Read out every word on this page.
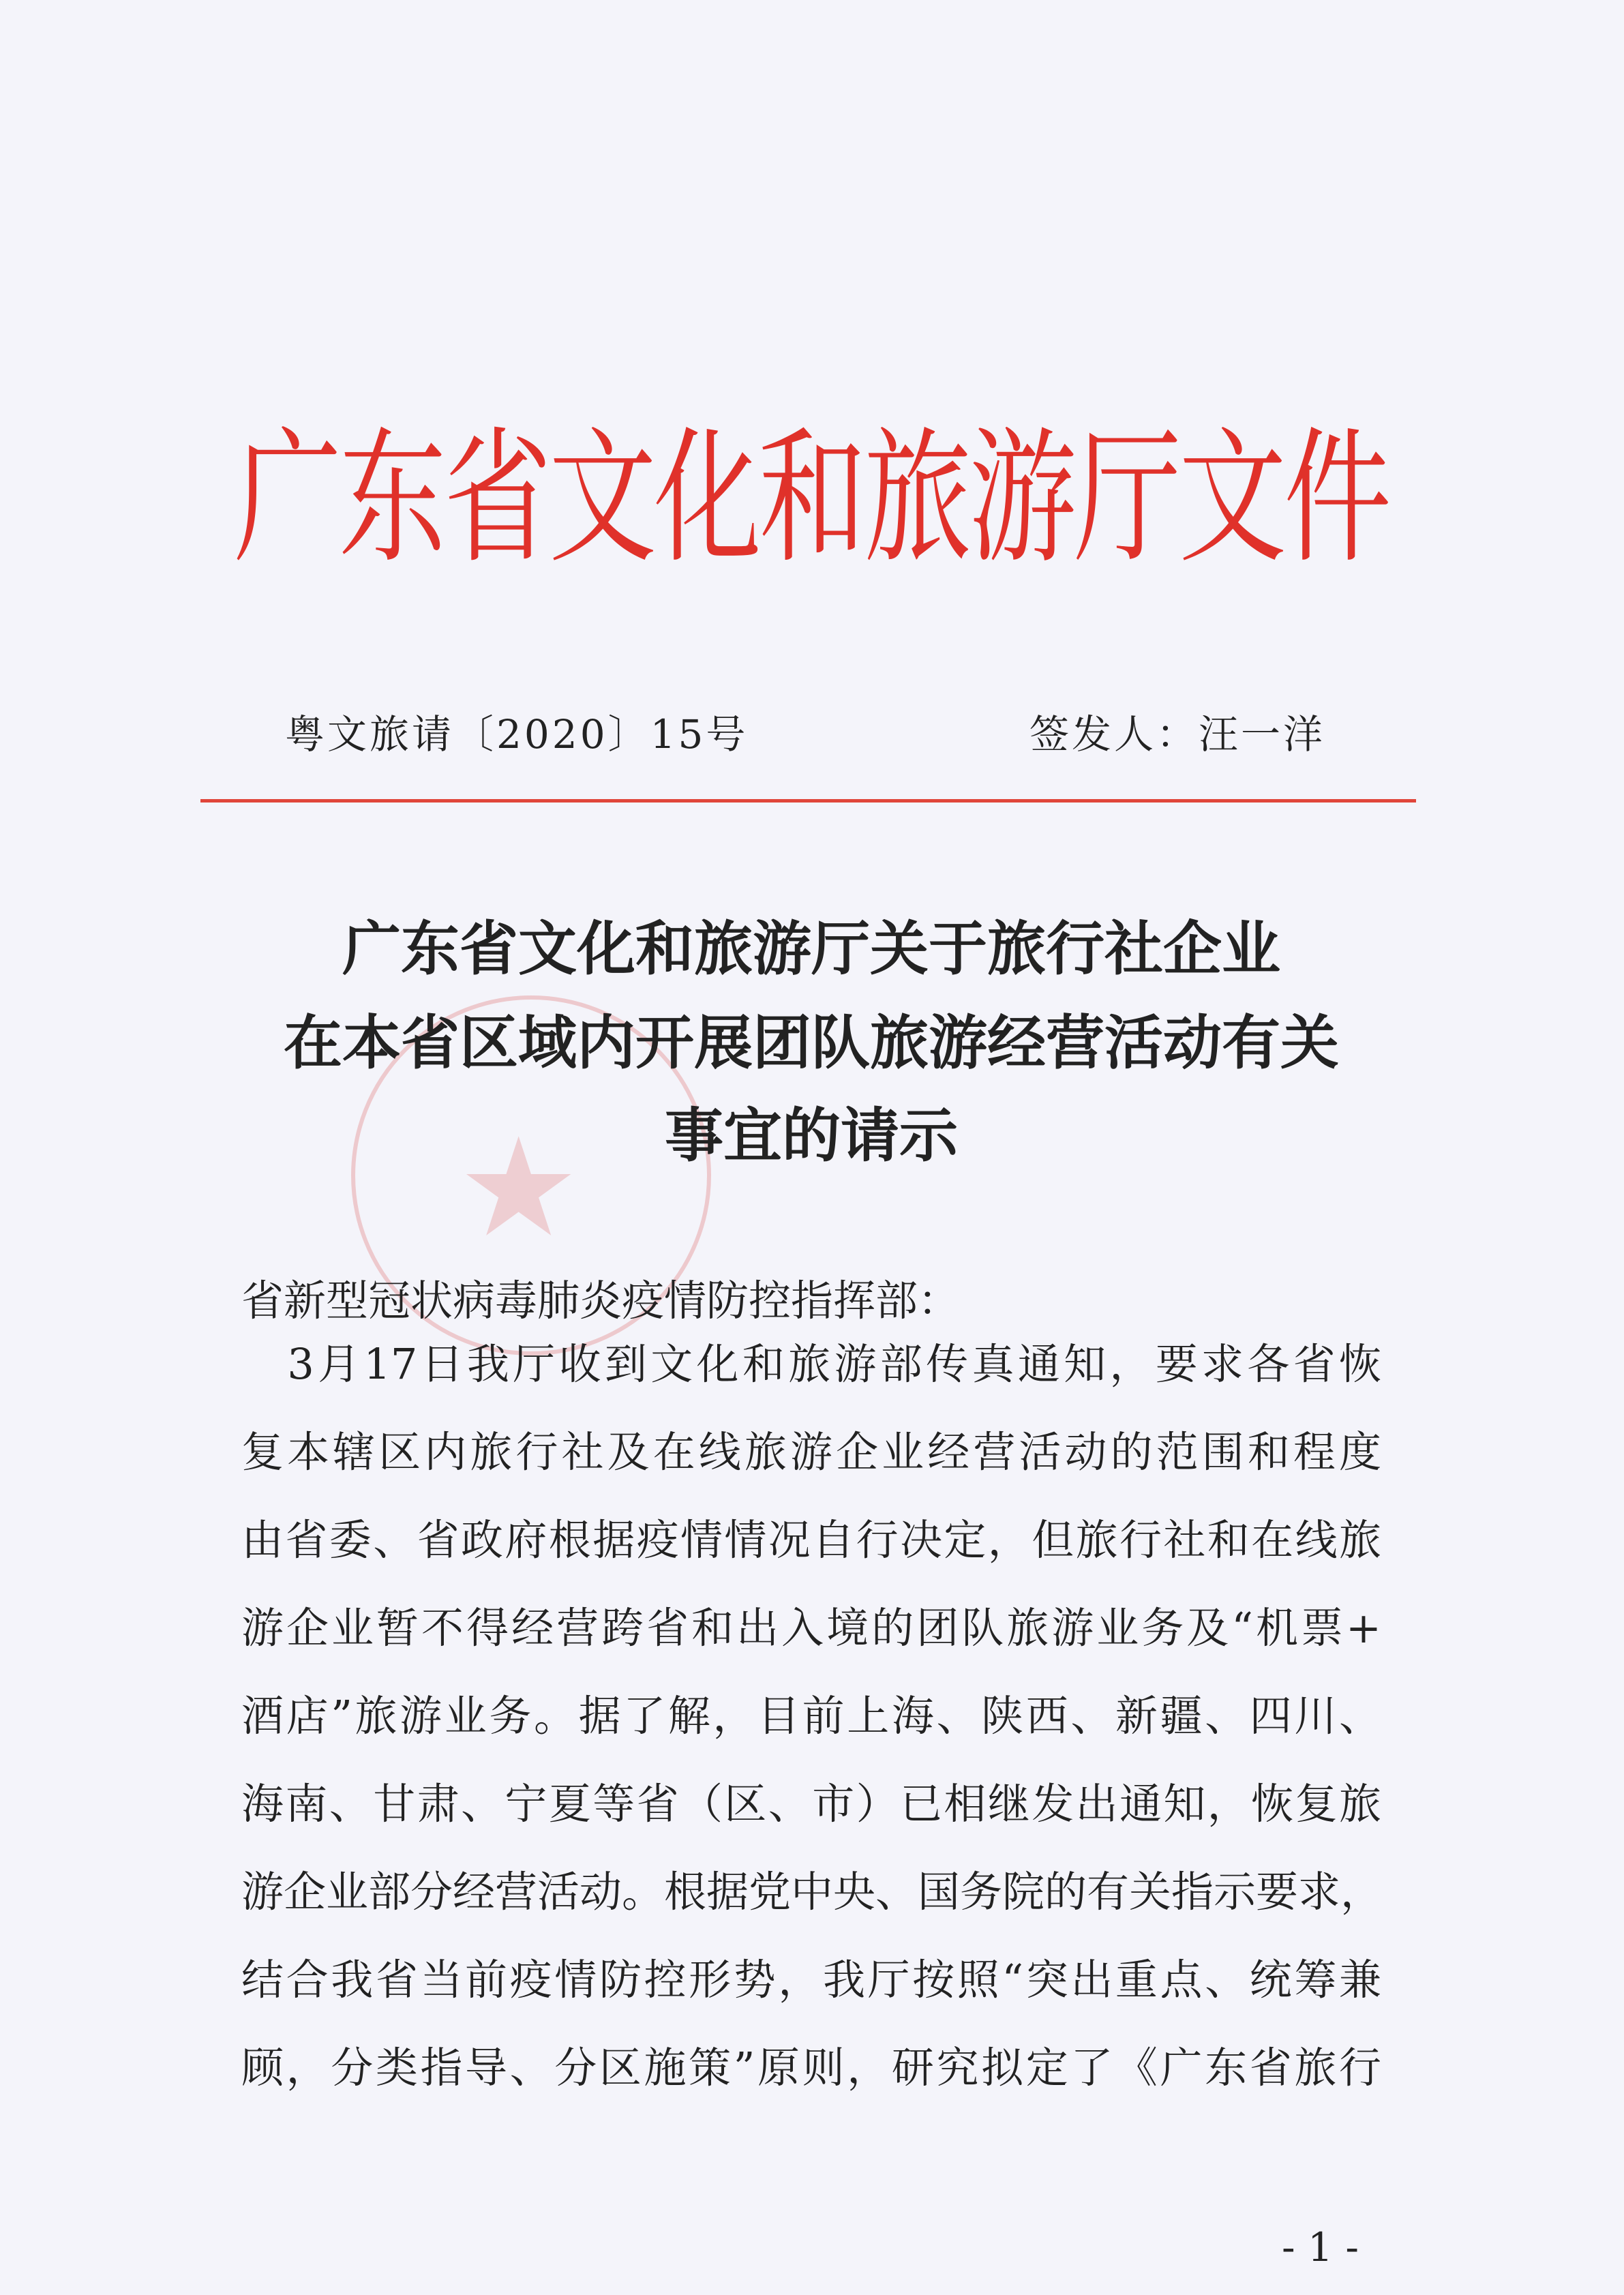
★
广东省文化和旅游厅文件
粤文旅请〔2020〕15号	签发人：汪一洋
广东省文化和旅游厅关于旅行社企业
在本省区域内开展团队旅游经营活动有关
事宜的请示
省新型冠状病毒肺炎疫情防控指挥部：
　3月17日我厅收到文化和旅游部传真通知，要求各省恢
复本辖区内旅行社及在线旅游企业经营活动的范围和程度
由省委、省政府根据疫情情况自行决定，但旅行社和在线旅
游企业暂不得经营跨省和出入境的团队旅游业务及“机票+
酒店”旅游业务。据了解，目前上海、陕西、新疆、四川、
海南、甘肃、宁夏等省（区、市）已相继发出通知，恢复旅
游企业部分经营活动。根据党中央、国务院的有关指示要求，
结合我省当前疫情防控形势，我厅按照“突出重点、统筹兼
顾，分类指导、分区施策”原则，研究拟定了《广东省旅行
- 1 -
